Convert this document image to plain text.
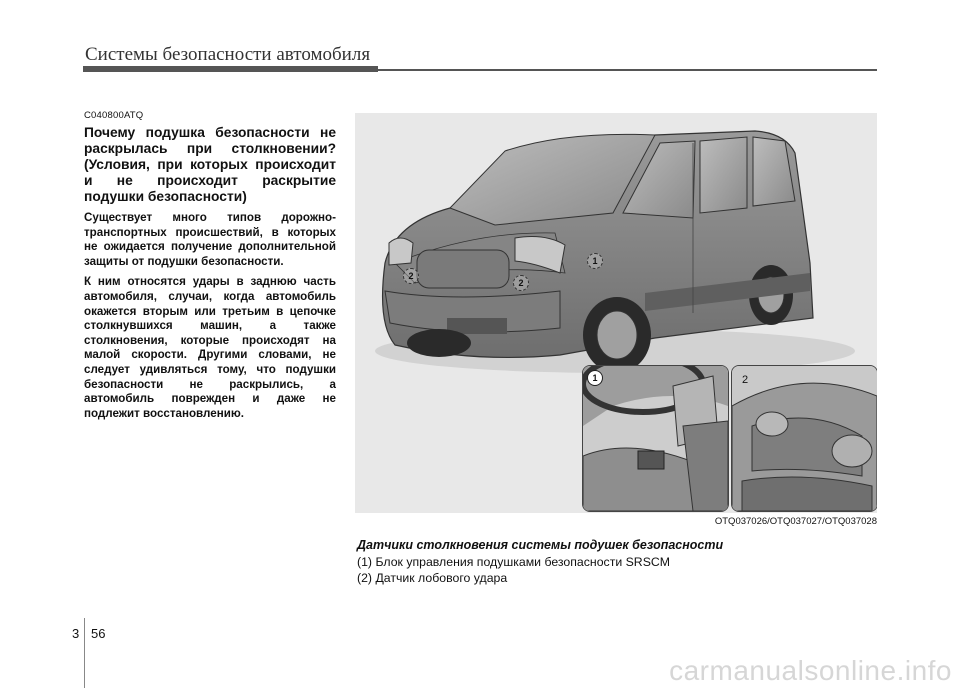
Системы безопасности автомобиля
C040800ATQ
Почему подушка безопасности не раскрылась при столкновении? (Условия, при которых происходит и не происходит раскрытие подушки безопасности)
Существует много типов дорожно-транспортных происшествий, в которых не ожидается получение дополнительной защиты от подушки безопасности.
К ним относятся удары в заднюю часть автомобиля, случаи, когда автомобиль окажется вторым или третьим в цепочке столкнувшихся машин, а также столкновения, которые происходят на малой скорости. Другими словами, не следует удивляться тому, что подушки безопасности не раскрылись, а автомобиль поврежден и даже не подлежит восстановлению.
2
2
1
1	2
OTQ037026/OTQ037027/OTQ037028
Датчики столкновения системы подушек безопасности
(1) Блок управления подушками безопасности SRSCM
(2) Датчик лобового удара
3 56
carmanualsonline.info
